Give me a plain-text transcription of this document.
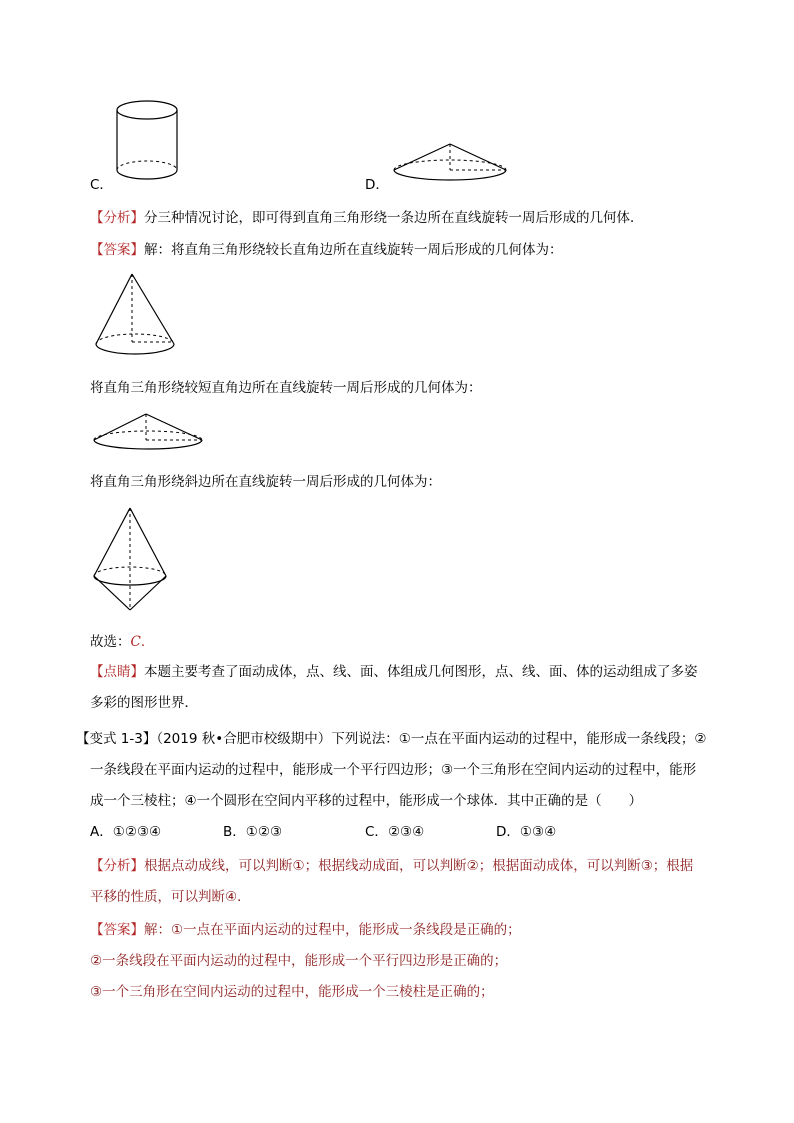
C．	D．
【分析】分三种情况讨论，即可得到直角三角形绕一条边所在直线旋转一周后形成的几何体．
【答案】解：将直角三角形绕较长直角边所在直线旋转一周后形成的几何体为：
将直角三角形绕较短直角边所在直线旋转一周后形成的几何体为：
将直角三角形绕斜边所在直线旋转一周后形成的几何体为：
故选：C．
【点睛】本题主要考查了面动成体，点、线、面、体组成几何图形，点、线、面、体的运动组成了多姿
多彩的图形世界．
【变式 1-3】（2019 秋•合肥市校级期中）下列说法：①一点在平面内运动的过程中，能形成一条线段；②
一条线段在平面内运动的过程中，能形成一个平行四边形；③一个三角形在空间内运动的过程中，能形
成一个三棱柱；④一个圆形在空间内平移的过程中，能形成一个球体．其中正确的是（　　）
A．①②③④	B．①②③	C．②③④	D．①③④
【分析】根据点动成线，可以判断①；根据线动成面，可以判断②；根据面动成体，可以判断③；根据
平移的性质，可以判断④．
【答案】解：①一点在平面内运动的过程中，能形成一条线段是正确的；
②一条线段在平面内运动的过程中，能形成一个平行四边形是正确的；
③一个三角形在空间内运动的过程中，能形成一个三棱柱是正确的；
